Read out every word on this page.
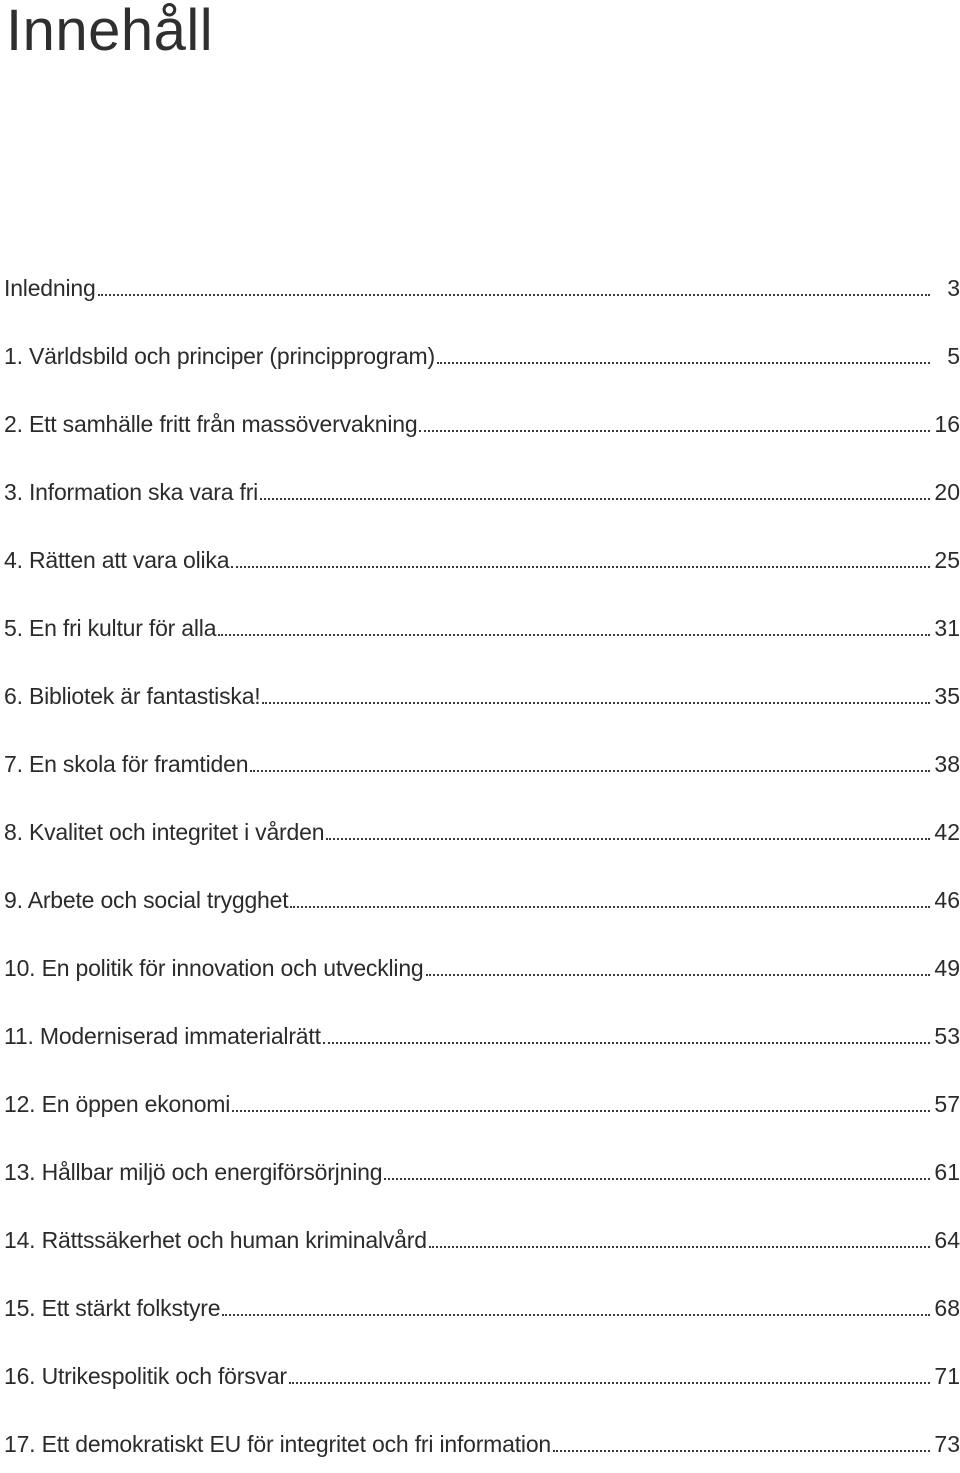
Innehåll
Inledning	3
1. Världsbild och principer (principprogram)	5
2. Ett samhälle fritt från massövervakning	16
3. Information ska vara fri	20
4. Rätten att vara olika	25
5. En fri kultur för alla	31
6. Bibliotek är fantastiska!	35
7. En skola för framtiden	38
8. Kvalitet och integritet i vården	42
9. Arbete och social trygghet	46
10. En politik för innovation och utveckling	49
11. Moderniserad immaterialrätt	53
12. En öppen ekonomi	57
13. Hållbar miljö och energiförsörjning	61
14. Rättssäkerhet och human kriminalvård	64
15. Ett stärkt folkstyre	68
16. Utrikespolitik och försvar	71
17. Ett demokratiskt EU för integritet och fri information	73
